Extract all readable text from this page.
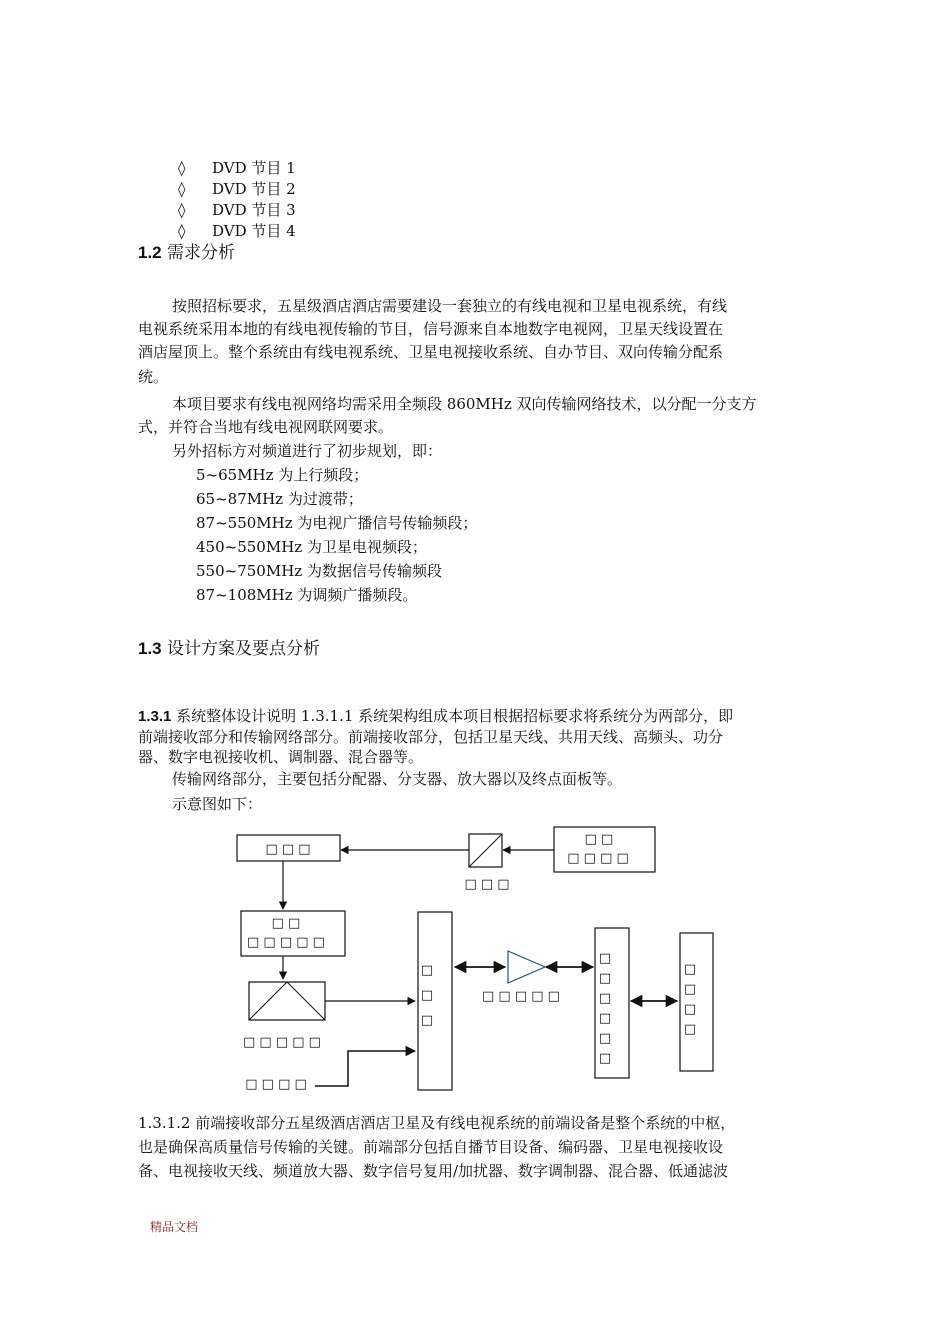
◊ DVD 节目 1
◊ DVD 节目 2
◊ DVD 节目 3
◊ DVD 节目 4
1.2 需求分析
按照招标要求，五星级酒店酒店需要建设一套独立的有线电视和卫星电视系统，有线
电视系统采用本地的有线电视传输的节目，信号源来自本地数字电视网，卫星天线设置在
酒店屋顶上。整个系统由有线电视系统、卫星电视接收系统、自办节目、双向传输分配系
统。
本项目要求有线电视网络均需采用全频段 860MHz 双向传输网络技术，以分配一分支方
式，并符合当地有线电视网联网要求。
另外招标方对频道进行了初步规划，即：
5~65MHz 为上行频段；
65~87MHz 为过渡带；
87~550MHz 为电视广播信号传输频段；
450~550MHz 为卫星电视频段；
550~750MHz 为数据信号传输频段
87~108MHz 为调频广播频段。
1.3 设计方案及要点分析
1.3.1 系统整体设计说明 1.3.1.1 系统架构组成本项目根据招标要求将系统分为两部分，即
前端接收部分和传输网络部分。前端接收部分，包括卫星天线、共用天线、高频头、功分
器、数字电视接收机、调制器、混合器等。
传输网络部分，主要包括分配器、分支器、放大器以及终点面板等。
示意图如下：
□ □ □
□ □ □
□ □
□ □ □ □
□ □
□ □ □ □ □
□ □ □ □ □
□ □ □ □
□
□
□
□ □ □ □ □
□
□
□
□
□
□
□
□
□
□
1.3.1.2 前端接收部分五星级酒店酒店卫星及有线电视系统的前端设备是整个系统的中枢，
也是确保高质量信号传输的关键。前端部分包括自播节目设备、编码器、卫星电视接收设
备、电视接收天线、频道放大器、数字信号复用/加扰器、数字调制器、混合器、低通滤波
精品文档
